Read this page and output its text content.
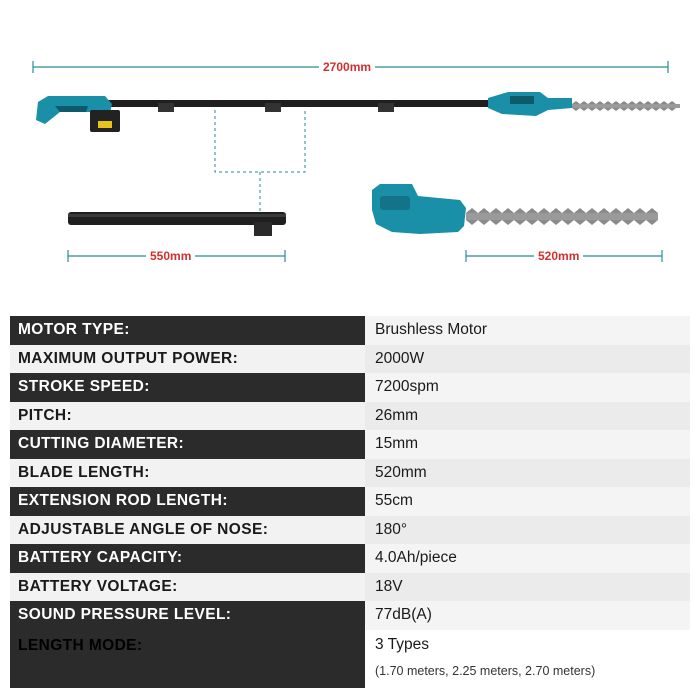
2700mm
550mm	520mm
MOTOR TYPE:	Brushless Motor
MAXIMUM OUTPUT POWER:	2000W
STROKE SPEED:	7200spm
PITCH:	26mm
CUTTING DIAMETER:	15mm
BLADE LENGTH:	520mm
EXTENSION ROD LENGTH:	55cm
ADJUSTABLE ANGLE OF NOSE:	180°
BATTERY CAPACITY:	4.0Ah/piece
BATTERY VOLTAGE:	18V
SOUND PRESSURE LEVEL:	77dB(A)
LENGTH MODE:	3 Types
(1.70 meters, 2.25 meters, 2.70 meters)
